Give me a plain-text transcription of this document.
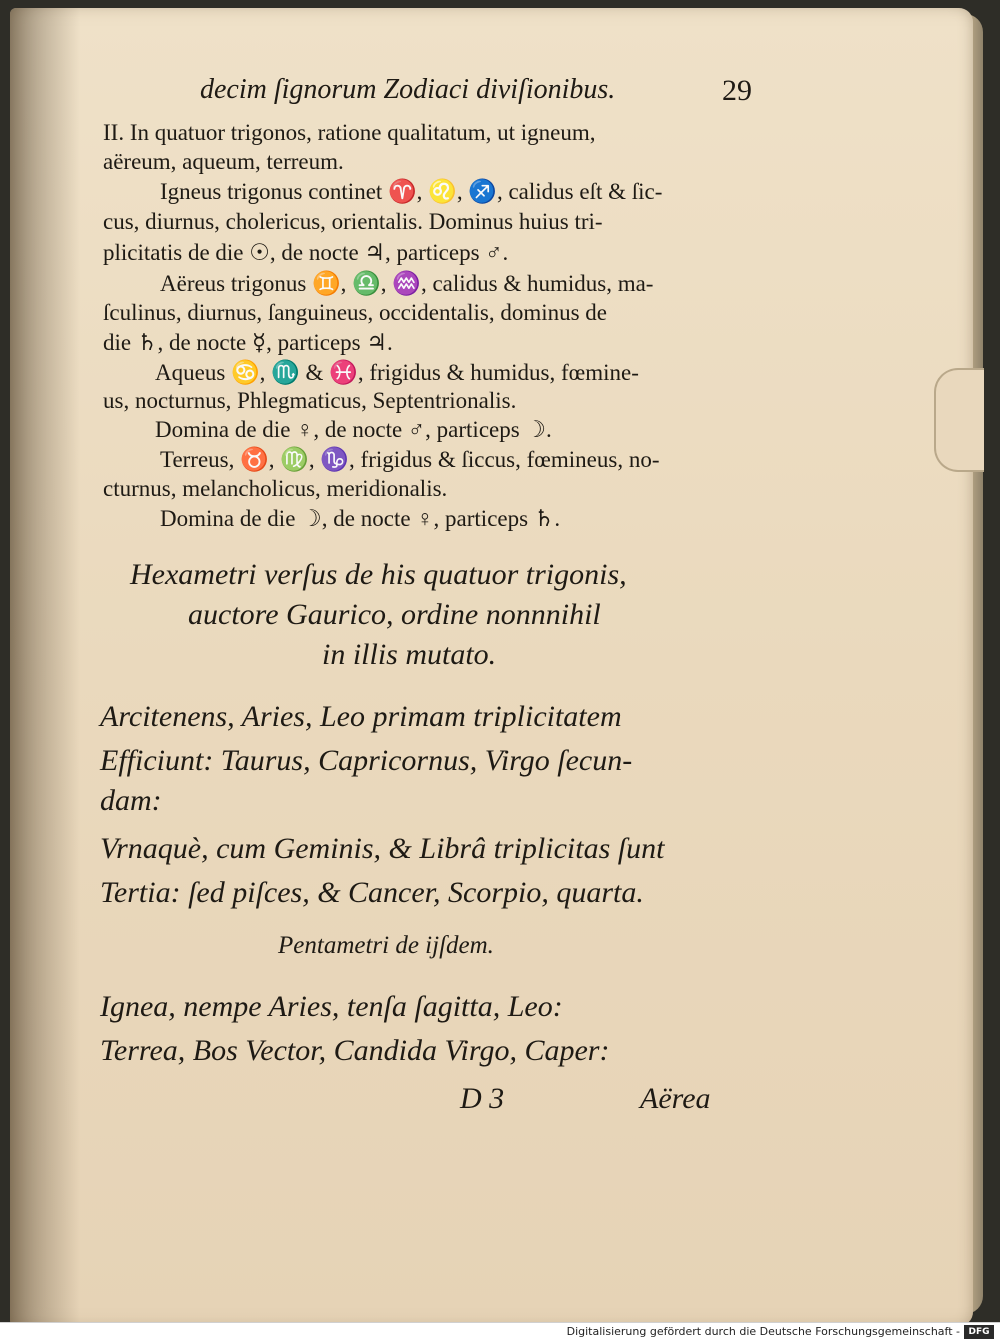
decim ſignorum Zodiaci diviſionibus.	29
II. In quatuor trigonos, ratione qualitatum, ut igneum,
aëreum, aqueum, terreum.
Igneus trigonus continet ♈, ♌, ♐, calidus eſt & ſic-
cus, diurnus, cholericus, orientalis. Dominus huius tri-
plicitatis de die ☉, de nocte ♃, particeps ♂.
Aëreus trigonus ♊, ♎, ♒, calidus & humidus, ma-
ſculinus, diurnus, ſanguineus, occidentalis, dominus de
die ♄, de nocte ☿, particeps ♃.
Aqueus ♋, ♏ & ♓, frigidus & humidus, fœmine-
us, nocturnus, Phlegmaticus, Septentrionalis.
Domina de die ♀, de nocte ♂, particeps ☽.
Terreus, ♉, ♍, ♑, frigidus & ſiccus, fœmineus, no-
cturnus, melancholicus, meridionalis.
Domina de die ☽, de nocte ♀, particeps ♄.
Hexametri verſus de his quatuor trigonis,
auctore Gaurico, ordine nonnnihil
in illis mutato.
Arcitenens, Aries, Leo primam triplicitatem
Efficiunt: Taurus, Capricornus, Virgo ſecun-
dam:
Vrnaquè, cum Geminis, & Librâ triplicitas ſunt
Tertia: ſed piſces, & Cancer, Scorpio, quarta.
Pentametri de ijſdem.
Ignea, nempe Aries, tenſa ſagitta, Leo:
Terrea, Bos Vector, Candida Virgo, Caper:
D 3	Aërea
Digitalisierung gefördert durch die Deutsche Forschungsgemeinschaft - DFG
